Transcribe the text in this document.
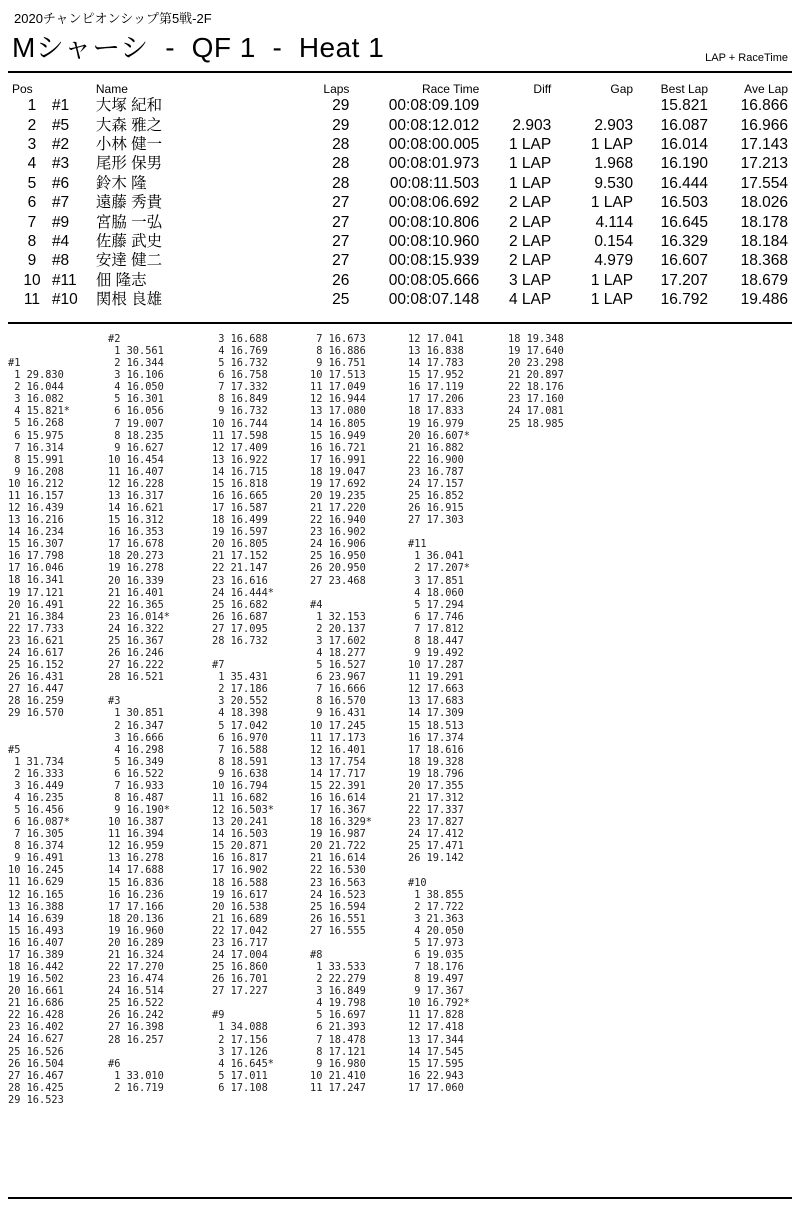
2020チャンピオンシップ第5戦-2F
Mシャーシ  -  QF 1  -  Heat 1	LAP + RaceTime
Pos		Name	Laps	Race Time	Diff	Gap	Best Lap	Ave Lap
1	#1	大塚 紀和	29	00:08:09.109			15.821	16.866
2	#5	大森 雅之	29	00:08:12.012	2.903	2.903	16.087	16.966
3	#2	小林 健一	28	00:08:00.005	1 LAP	1 LAP	16.014	17.143
4	#3	尾形 保男	28	00:08:01.973	1 LAP	1.968	16.190	17.213
5	#6	鈴木 隆	28	00:08:11.503	1 LAP	9.530	16.444	17.554
6	#7	遠藤 秀貴	27	00:08:06.692	2 LAP	1 LAP	16.503	18.026
7	#9	宮脇 一弘	27	00:08:10.806	2 LAP	4.114	16.645	18.178
8	#4	佐藤 武史	27	00:08:10.960	2 LAP	0.154	16.329	18.184
9	#8	安達 健二	27	00:08:15.939	2 LAP	4.979	16.607	18.368
10	#11	佃 隆志	26	00:08:05.666	3 LAP	1 LAP	17.207	18.679
11	#10	関根 良雄	25	00:08:07.148	4 LAP	1 LAP	16.792	19.486
#1
1 29.830
2 16.044
3 16.082
4 15.821*
5 16.268
6 15.975
7 16.314
8 15.991
9 16.208
10 16.212
11 16.157
12 16.439
13 16.216
14 16.234
15 16.307
16 17.798
17 16.046
18 16.341
19 17.121
20 16.491
21 16.384
22 17.733
23 16.621
24 16.617
25 16.152
26 16.431
27 16.447
28 16.259
29 16.570
#5
1 31.734
2 16.333
3 16.449
4 16.235
5 16.456
6 16.087*
7 16.305
8 16.374
9 16.491
10 16.245
11 16.629
12 16.165
13 16.388
14 16.639
15 16.493
16 16.407
17 16.389
18 16.442
19 16.502
20 16.661
21 16.686
22 16.428
23 16.402
24 16.627
25 16.526
26 16.504
27 16.467
28 16.425
29 16.523
#2
1 30.561
2 16.344
3 16.106
4 16.050
5 16.301
6 16.056
7 19.007
8 18.235
9 16.627
10 16.454
11 16.407
12 16.228
13 16.317
14 16.621
15 16.312
16 16.353
17 16.678
18 20.273
19 16.278
20 16.339
21 16.401
22 16.365
23 16.014*
24 16.322
25 16.367
26 16.246
27 16.222
28 16.521
#3
1 30.851
2 16.347
3 16.666
4 16.298
5 16.349
6 16.522
7 16.933
8 16.487
9 16.190*
10 16.387
11 16.394
12 16.959
13 16.278
14 17.688
15 16.836
16 16.236
17 17.166
18 20.136
19 16.960
20 16.289
21 16.324
22 17.270
23 16.474
24 16.514
25 16.522
26 16.242
27 16.398
28 16.257
#6
1 33.010
2 16.719
3 16.688
4 16.769
5 16.732
6 16.758
7 17.332
8 16.849
9 16.732
10 16.744
11 17.598
12 17.409
13 16.922
14 16.715
15 16.818
16 16.665
17 16.587
18 16.499
19 16.597
20 16.805
21 17.152
22 21.147
23 16.616
24 16.444*
25 16.682
26 16.687
27 17.095
28 16.732
#7
1 35.431
2 17.186
3 20.552
4 18.398
5 17.042
6 16.970
7 16.588
8 18.591
9 16.638
10 16.794
11 16.682
12 16.503*
13 20.241
14 16.503
15 20.871
16 16.817
17 16.902
18 16.588
19 16.617
20 16.538
21 16.689
22 17.042
23 16.717
24 17.004
25 16.860
26 16.701
27 17.227
#9
1 34.088
2 17.156
3 17.126
4 16.645*
5 17.011
6 17.108
7 16.673
8 16.886
9 16.751
10 17.513
11 17.049
12 16.944
13 17.080
14 16.805
15 16.949
16 16.721
17 16.991
18 19.047
19 17.692
20 19.235
21 17.220
22 16.940
23 16.902
24 16.906
25 16.950
26 20.950
27 23.468
#4
1 32.153
2 20.137
3 17.602
4 18.277
5 16.527
6 23.967
7 16.666
8 16.570
9 16.431
10 17.245
11 17.173
12 16.401
13 17.754
14 17.717
15 22.391
16 16.614
17 16.367
18 16.329*
19 16.987
20 21.722
21 16.614
22 16.530
23 16.563
24 16.523
25 16.594
26 16.551
27 16.555
#8
1 33.533
2 22.279
3 16.849
4 19.798
5 16.697
6 21.393
7 18.478
8 17.121
9 16.980
10 21.410
11 17.247
12 17.041
13 16.838
14 17.783
15 17.952
16 17.119
17 17.206
18 17.833
19 16.979
20 16.607*
21 16.882
22 16.900
23 16.787
24 17.157
25 16.852
26 16.915
27 17.303
#11
1 36.041
2 17.207*
3 17.851
4 18.060
5 17.294
6 17.746
7 17.812
8 18.447
9 19.492
10 17.287
11 19.291
12 17.663
13 17.683
14 17.309
15 18.513
16 17.374
17 18.616
18 19.328
19 18.796
20 17.355
21 17.312
22 17.337
23 17.827
24 17.412
25 17.471
26 19.142
#10
1 38.855
2 17.722
3 21.363
4 20.050
5 17.973
6 19.035
7 18.176
8 19.497
9 17.367
10 16.792*
11 17.828
12 17.418
13 17.344
14 17.545
15 17.595
16 22.943
17 17.060
18 19.348
19 17.640
20 23.298
21 20.897
22 18.176
23 17.160
24 17.081
25 18.985
